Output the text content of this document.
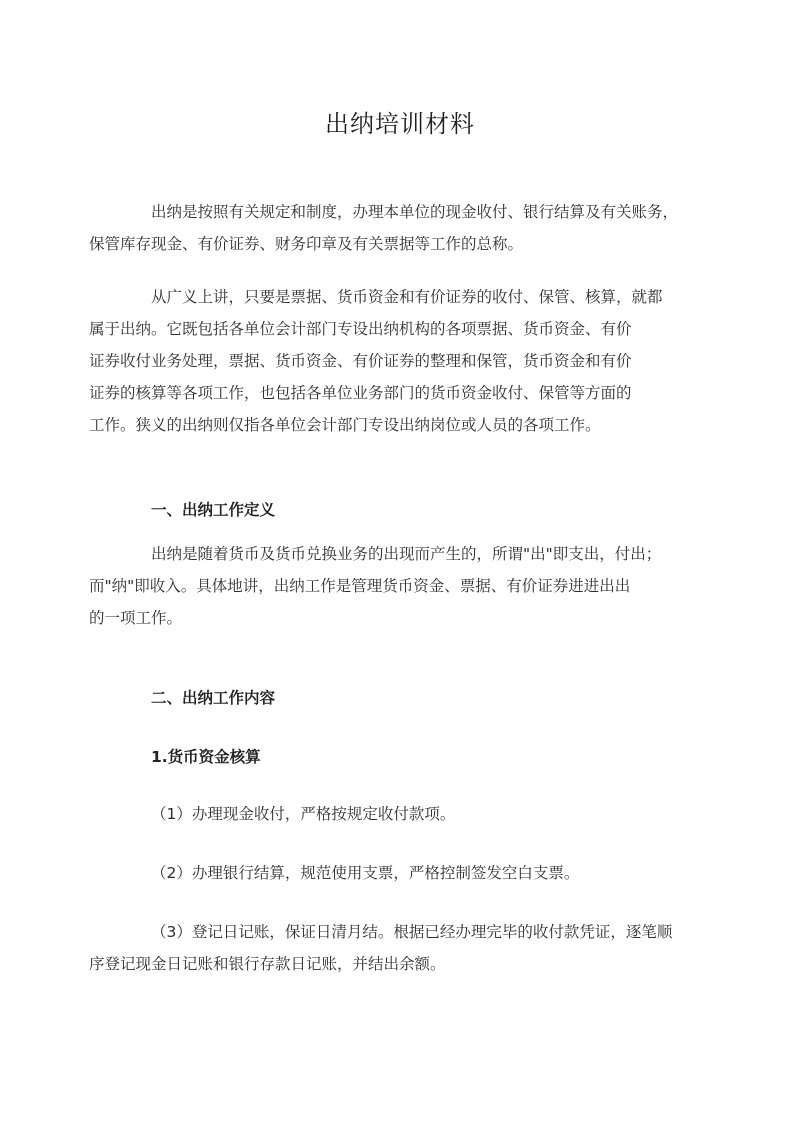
出纳培训材料

出纳是按照有关规定和制度，办理本单位的现金收付、银行结算及有关账务，
保管库存现金、有价证券、财务印章及有关票据等工作的总称。

从广义上讲，只要是票据、货币资金和有价证券的收付、保管、核算，就都
属于出纳。它既包括各单位会计部门专设出纳机构的各项票据、货币资金、有价
证券收付业务处理，票据、货币资金、有价证券的整理和保管，货币资金和有价
证券的核算等各项工作，也包括各单位业务部门的货币资金收付、保管等方面的
工作。狭义的出纳则仅指各单位会计部门专设出纳岗位或人员的各项工作。

一、出纳工作定义

出纳是随着货币及货币兑换业务的出现而产生的，所谓"出"即支出，付出；
而"纳"即收入。具体地讲，出纳工作是管理货币资金、票据、有价证券进进出出
的一项工作。

二、出纳工作内容

1.货币资金核算

（1）办理现金收付，严格按规定收付款项。

（2）办理银行结算，规范使用支票，严格控制签发空白支票。

（3）登记日记账，保证日清月结。根据已经办理完毕的收付款凭证，逐笔顺
序登记现金日记账和银行存款日记账，并结出余额。
